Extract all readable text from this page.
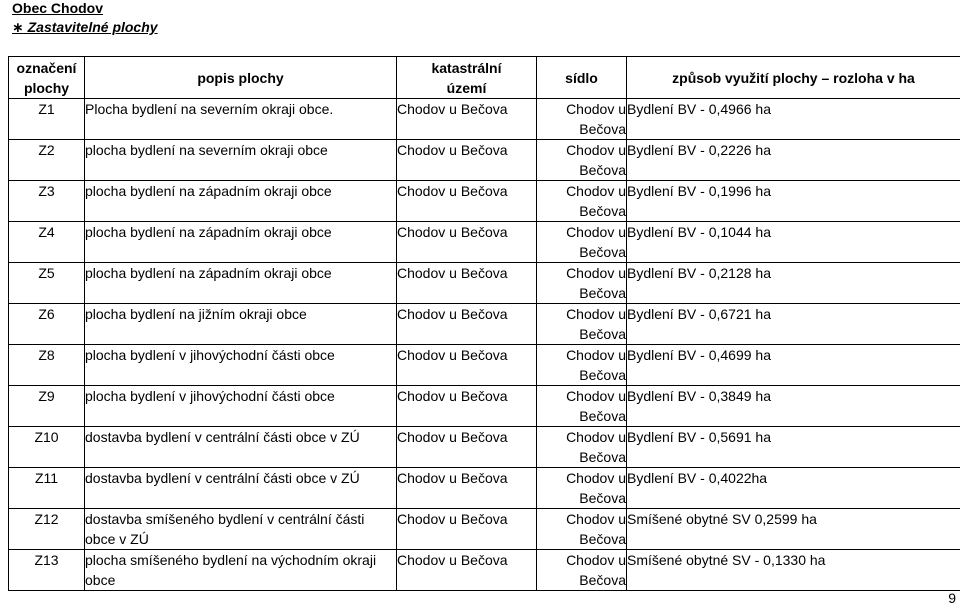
Obec Chodov
∗ Zastavitelné plochy
označení
plochy	popis plochy	katastrální
území	sídlo	způsob využití plochy – rozloha v ha
Z1	Plocha bydlení na severním okraji obce.	Chodov u Bečova	Chodov u
Bečova	Bydlení BV - 0,4966 ha
Z2	plocha bydlení na severním okraji obce	Chodov u Bečova	Chodov u
Bečova	Bydlení BV - 0,2226 ha
Z3	plocha bydlení na západním okraji obce	Chodov u Bečova	Chodov u
Bečova	Bydlení BV - 0,1996 ha
Z4	plocha bydlení na západním okraji obce	Chodov u Bečova	Chodov u
Bečova	Bydlení BV - 0,1044 ha
Z5	plocha bydlení na západním okraji obce	Chodov u Bečova	Chodov u
Bečova	Bydlení BV - 0,2128 ha
Z6	plocha bydlení na jižním okraji obce	Chodov u Bečova	Chodov u
Bečova	Bydlení BV - 0,6721 ha
Z8	plocha bydlení v jihovýchodní části obce	Chodov u Bečova	Chodov u
Bečova	Bydlení BV - 0,4699 ha
Z9	plocha bydlení v jihovýchodní části obce	Chodov u Bečova	Chodov u
Bečova	Bydlení BV - 0,3849 ha
Z10	dostavba bydlení v centrální části obce v ZÚ	Chodov u Bečova	Chodov u
Bečova	Bydlení BV - 0,5691 ha
Z11	dostavba bydlení v centrální části obce v ZÚ	Chodov u Bečova	Chodov u
Bečova	Bydlení BV - 0,4022ha
Z12	dostavba smíšeného bydlení v centrální části obce v ZÚ	Chodov u Bečova	Chodov u
Bečova	Smíšené obytné SV 0,2599 ha
Z13	plocha smíšeného bydlení na východním okraji obce	Chodov u Bečova	Chodov u
Bečova	Smíšené obytné SV - 0,1330 ha
9
